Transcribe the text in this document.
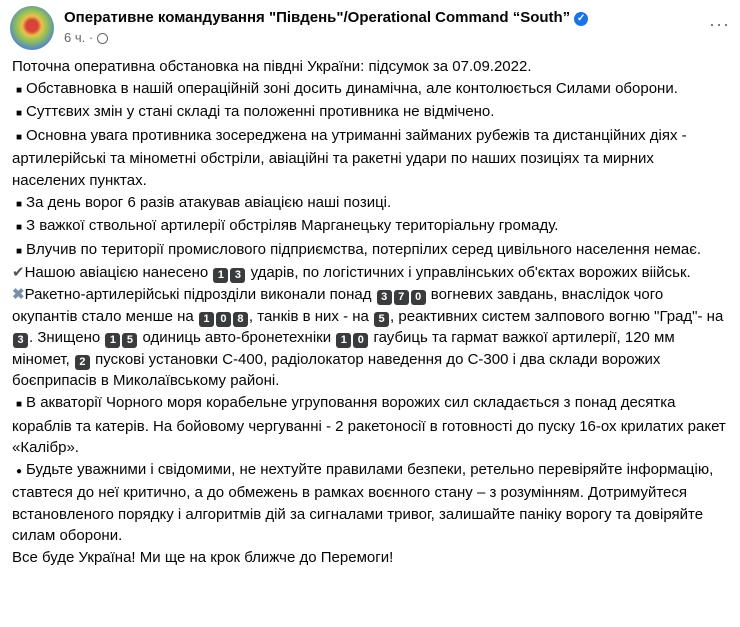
Оперативне командування "Південь"/Operational Command “South” ✓
6 ч. ·
···

Поточна оперативна обстановка на півдні України: підсумок за 07.09.2022.

■ Обставновка в нашій операційній зоні досить динамічна, але контолюється Силами оборони.

■ Суттєвих змін у стані складі та положенні противника не відмічено.

■ Основна увага противника зосереджена на утриманні займаних рубежів та дистанційних діях - артилерійські та мінометні обстріли, авіаційні та ракетні удари по наших позиціях та мирних населених пунктах.

■ За день ворог 6 разів атакував авіацією наші позиці.

■ З важкої ствольної артилерії обстріляв Марганецьку територіальну громаду.

■ Влучив по території промислового підприємства, потерпілих серед цивільного населення немає.

✔Нашою авіацією нанесено 1 3 ударів, по логістичних і управлінських об'єктах ворожих віійськ.

✖Ракетно-артилерійські підрозділи виконали понад 3 7 0 вогневих завдань, внаслідок чого окупантів стало менше на 1 0 8 , танків в них - на 5 , реактивних систем залпового вогню "Град"- на 3 . Знищено 1 5 одиниць авто-бронетехніки 1 0 гаубиць та гармат важкої артилерії, 120 мм міномет, 2 пускові установки С-400, радіолокатор наведення до С-300 і два склади ворожих боєприпасів в Миколаївському районі.

■ В акваторії Чорного моря корабельне угруповання ворожих сил складається з понад десятка кораблів та катерів. На бойовому чергуванні - 2 ракетоносії в готовності до пуску 16-ох крилатих ракет «Калібр».

● Будьте уважними і свідомими, не нехтуйте правилами безпеки, ретельно перевіряйте інформацію, ставтеся до неї критично, а до обмежень в рамках воєнного стану – з розумінням. Дотримуйтеся встановленого порядку і алгоритмів дій за сигналами тривог, залишайте паніку ворогу та довіряйте силам оборони.

Все буде Україна! Ми ще на крок ближче до Перемоги!
